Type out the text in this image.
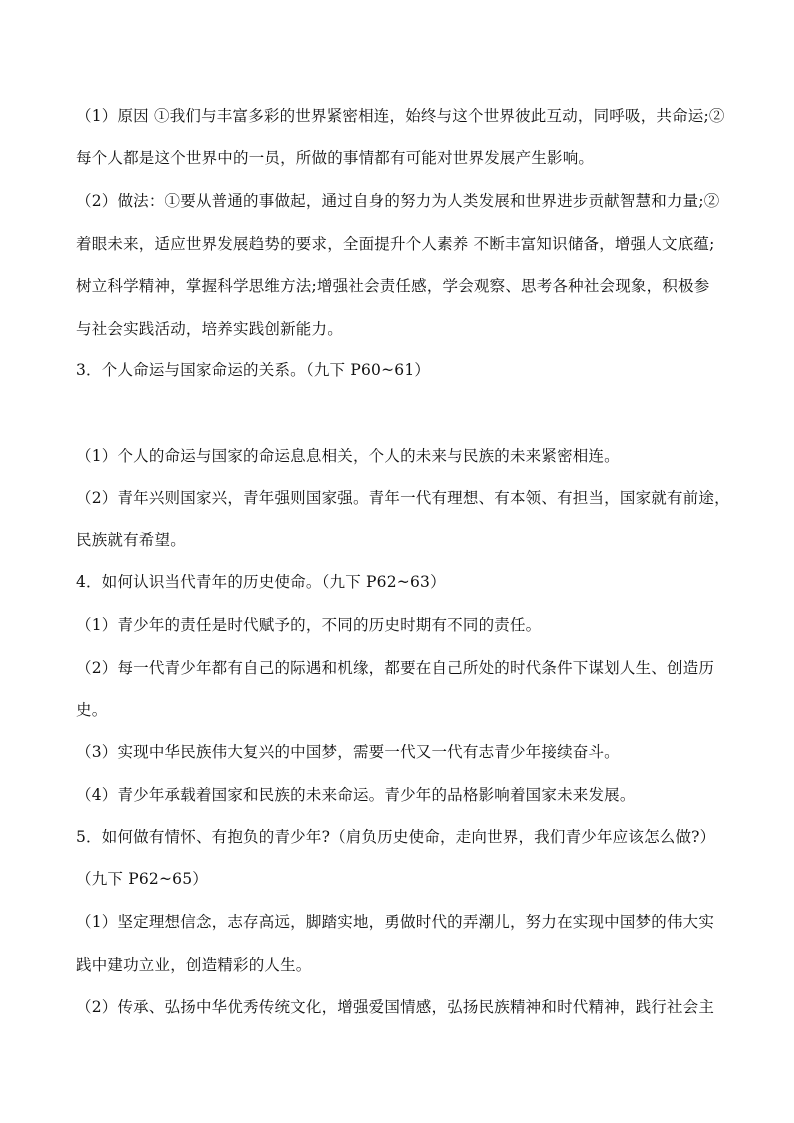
（1）原因 ①我们与丰富多彩的世界紧密相连，始终与这个世界彼此互动，同呼吸，共命运;②
每个人都是这个世界中的一员，所做的事情都有可能对世界发展产生影响。
（2）做法：①要从普通的事做起，通过自身的努力为人类发展和世界进步贡献智慧和力量;②
着眼未来，适应世界发展趋势的要求，全面提升个人素养 不断丰富知识储备，增强人文底蕴;
树立科学精神，掌握科学思维方法;增强社会责任感，学会观察、思考各种社会现象，积极参
与社会实践活动，培养实践创新能力。
3．个人命运与国家命运的关系。（九下 P60~61）
（1）个人的命运与国家的命运息息相关，个人的未来与民族的未来紧密相连。
（2）青年兴则国家兴，青年强则国家强。青年一代有理想、有本领、有担当，国家就有前途，
民族就有希望。
4．如何认识当代青年的历史使命。（九下 P62~63）
（1）青少年的责任是时代赋予的，不同的历史时期有不同的责任。
（2）每一代青少年都有自己的际遇和机缘，都要在自己所处的时代条件下谋划人生、创造历
史。
（3）实现中华民族伟大复兴的中国梦，需要一代又一代有志青少年接续奋斗。
（4）青少年承载着国家和民族的未来命运。青少年的品格影响着国家未来发展。
5．如何做有情怀、有抱负的青少年?（肩负历史使命，走向世界，我们青少年应该怎么做?）
（九下 P62~65）
（1）坚定理想信念，志存高远，脚踏实地，勇做时代的弄潮儿，努力在实现中国梦的伟大实
践中建功立业，创造精彩的人生。
（2）传承、弘扬中华优秀传统文化，增强爱国情感，弘扬民族精神和时代精神，践行社会主
